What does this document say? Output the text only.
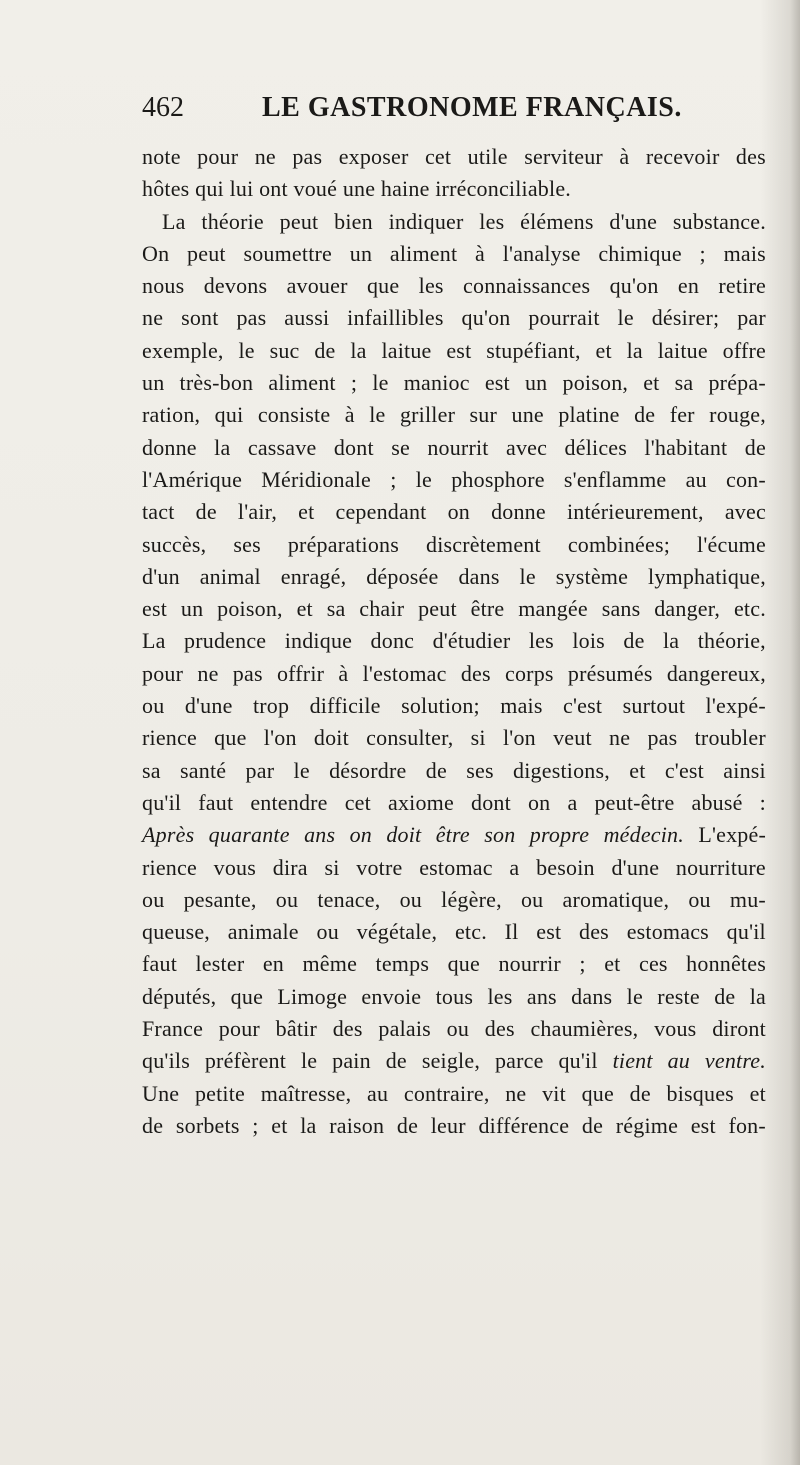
462	LE GASTRONOME FRANÇAIS.
note pour ne pas exposer cet utile serviteur à recevoir des
hôtes
qui
lui
ont
voué
une
haine
irréconciliable.

La théorie peut bien indiquer les élémens d'une substance.
On peut soumettre un aliment à l'analyse chimique ; mais
nous devons avouer que les connaissances qu'on en retire
ne sont pas aussi infaillibles qu'on pourrait le désirer; par
exemple, le suc de la laitue est stupéfiant, et la laitue offre
un très-bon aliment ; le manioc est un poison, et sa prépa-
ration, qui consiste à le griller sur une platine de fer rouge,
donne la cassave dont se nourrit avec délices l'habitant de
l'Amérique Méridionale ; le phosphore s'enflamme au con-
tact de l'air, et cependant on donne intérieurement, avec
succès, ses préparations discrètement combinées; l'écume
d'un animal enragé, déposée dans le système lymphatique,
est un poison, et sa chair peut être mangée sans danger, etc.
La prudence indique donc d'étudier les lois de la théorie,
pour ne pas offrir à l'estomac des corps présumés dangereux,
ou d'une trop difficile solution; mais c'est surtout l'expé-
rience que l'on doit consulter, si l'on veut ne pas troubler
sa santé par le désordre de ses digestions, et c'est ainsi
qu'il faut entendre cet axiome dont on a peut-être abusé :
Après quarante ans on doit être son propre médecin. L'expé-
rience vous dira si votre estomac a besoin d'une nourriture
ou pesante, ou tenace, ou légère, ou aromatique, ou mu-
queuse, animale ou végétale, etc. Il est des estomacs qu'il
faut lester en même temps que nourrir ; et ces honnêtes
députés, que Limoge envoie tous les ans dans le reste de la
France pour bâtir des palais ou des chaumières, vous diront
qu'ils préfèrent le pain de seigle, parce qu'il tient au ventre.
Une petite maîtresse, au contraire, ne vit que de bisques et
de sorbets ; et la raison de leur différence de régime est fon-
